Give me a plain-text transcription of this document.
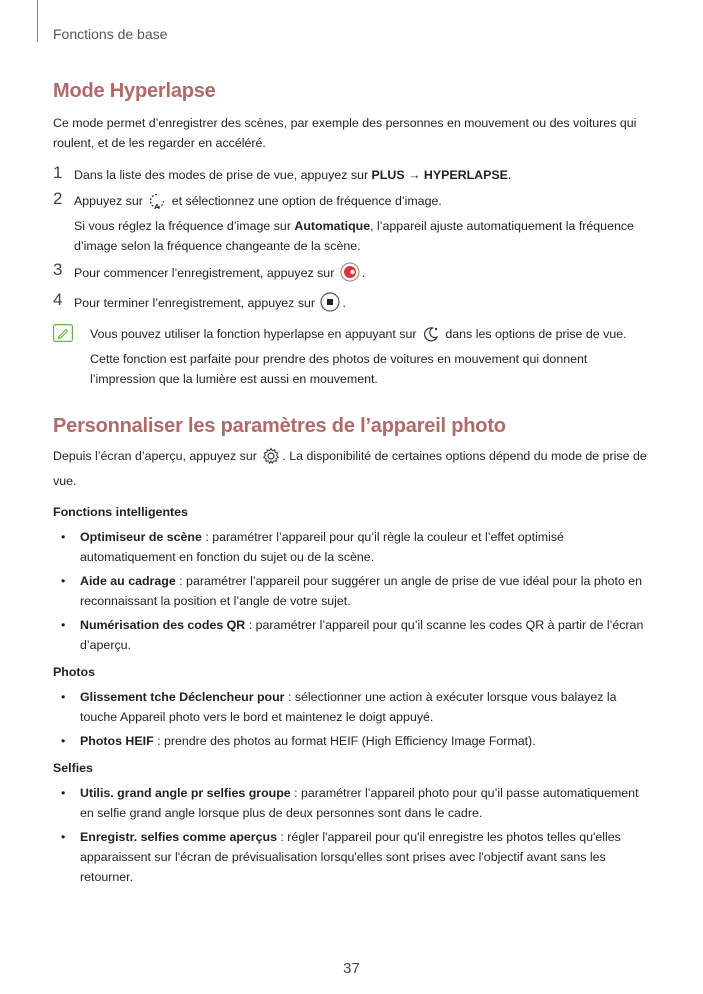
Fonctions de base
Mode Hyperlapse

Ce mode permet d’enregistrer des scènes, par exemple des personnes en mouvement ou des voitures qui roulent, et de les regarder en accéléré.

1 Dans la liste des modes de prise de vue, appuyez sur PLUS → HYPERLAPSE.
2 Appuyez sur A et sélectionnez une option de fréquence d’image.
Si vous réglez la fréquence d’image sur Automatique, l’appareil ajuste automatiquement la fréquence d’image selon la fréquence changeante de la scène.
3 Pour commencer l’enregistrement, appuyez sur .
4 Pour terminer l’enregistrement, appuyez sur .
Vous pouvez utiliser la fonction hyperlapse en appuyant sur  dans les options de prise de vue. Cette fonction est parfaite pour prendre des photos de voitures en mouvement qui donnent l’impression que la lumière est aussi en mouvement.
Personnaliser les paramètres de l’appareil photo

Depuis l’écran d’aperçu, appuyez sur . La disponibilité de certaines options dépend du mode de prise de vue.

Fonctions intelligentes
• Optimiseur de scène : paramétrer l’appareil pour qu’il règle la couleur et l’effet optimisé automatiquement en fonction du sujet ou de la scène.
• Aide au cadrage : paramétrer l’appareil pour suggérer un angle de prise de vue idéal pour la photo en reconnaissant la position et l’angle de votre sujet.
• Numérisation des codes QR : paramétrer l’appareil pour qu’il scanne les codes QR à partir de l’écran d’aperçu.
Photos
• Glissement tche Déclencheur pour : sélectionner une action à exécuter lorsque vous balayez la touche Appareil photo vers le bord et maintenez le doigt appuyé.
• Photos HEIF : prendre des photos au format HEIF (High Efficiency Image Format).
Selfies
• Utilis. grand angle pr selfies groupe : paramétrer l’appareil photo pour qu’il passe automatiquement en selfie grand angle lorsque plus de deux personnes sont dans le cadre.
• Enregistr. selfies comme aperçus : régler l'appareil pour qu'il enregistre les photos telles qu'elles apparaissent sur l'écran de prévisualisation lorsqu'elles sont prises avec l'objectif avant sans les retourner.
37
